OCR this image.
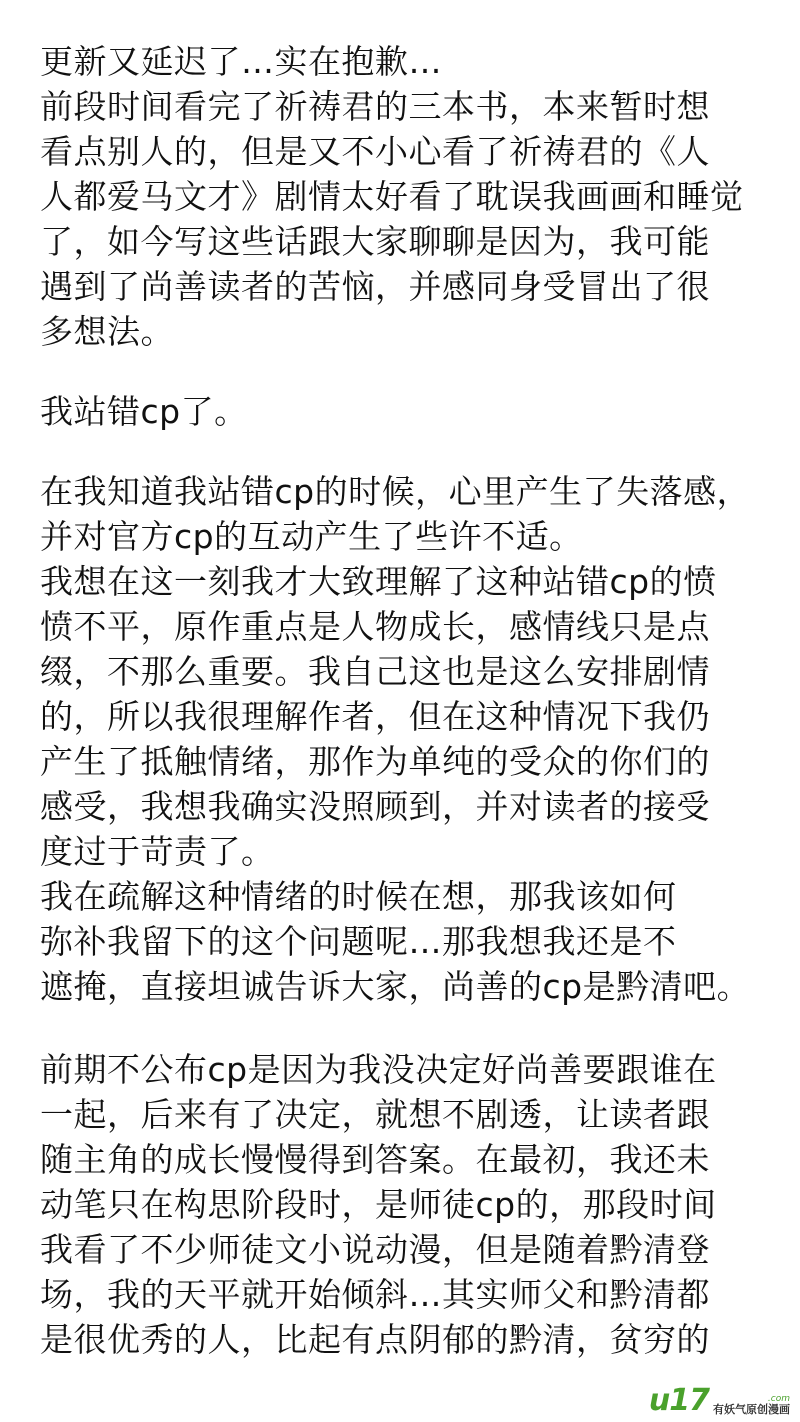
更新又延迟了…实在抱歉…
前段时间看完了祈祷君的三本书，本来暂时想
看点别人的，但是又不小心看了祈祷君的《人
人都爱马文才》剧情太好看了耽误我画画和睡觉
了，如今写这些话跟大家聊聊是因为，我可能
遇到了尚善读者的苦恼，并感同身受冒出了很
多想法。
我站错cp了。
在我知道我站错cp的时候，心里产生了失落感，
并对官方cp的互动产生了些许不适。
我想在这一刻我才大致理解了这种站错cp的愤
愤不平，原作重点是人物成长，感情线只是点
缀，不那么重要。我自己这也是这么安排剧情
的，所以我很理解作者，但在这种情况下我仍
产生了抵触情绪，那作为单纯的受众的你们的
感受，我想我确实没照顾到，并对读者的接受
度过于苛责了。
我在疏解这种情绪的时候在想，那我该如何
弥补我留下的这个问题呢…那我想我还是不
遮掩，直接坦诚告诉大家，尚善的cp是黔清吧。
前期不公布cp是因为我没决定好尚善要跟谁在
一起，后来有了决定，就想不剧透，让读者跟
随主角的成长慢慢得到答案。在最初，我还未
动笔只在构思阶段时，是师徒cp的，那段时间
我看了不少师徒文小说动漫，但是随着黔清登
场，我的天平就开始倾斜…其实师父和黔清都
是很优秀的人，比起有点阴郁的黔清，贫穷的
u17	.com
有妖气原创漫画
